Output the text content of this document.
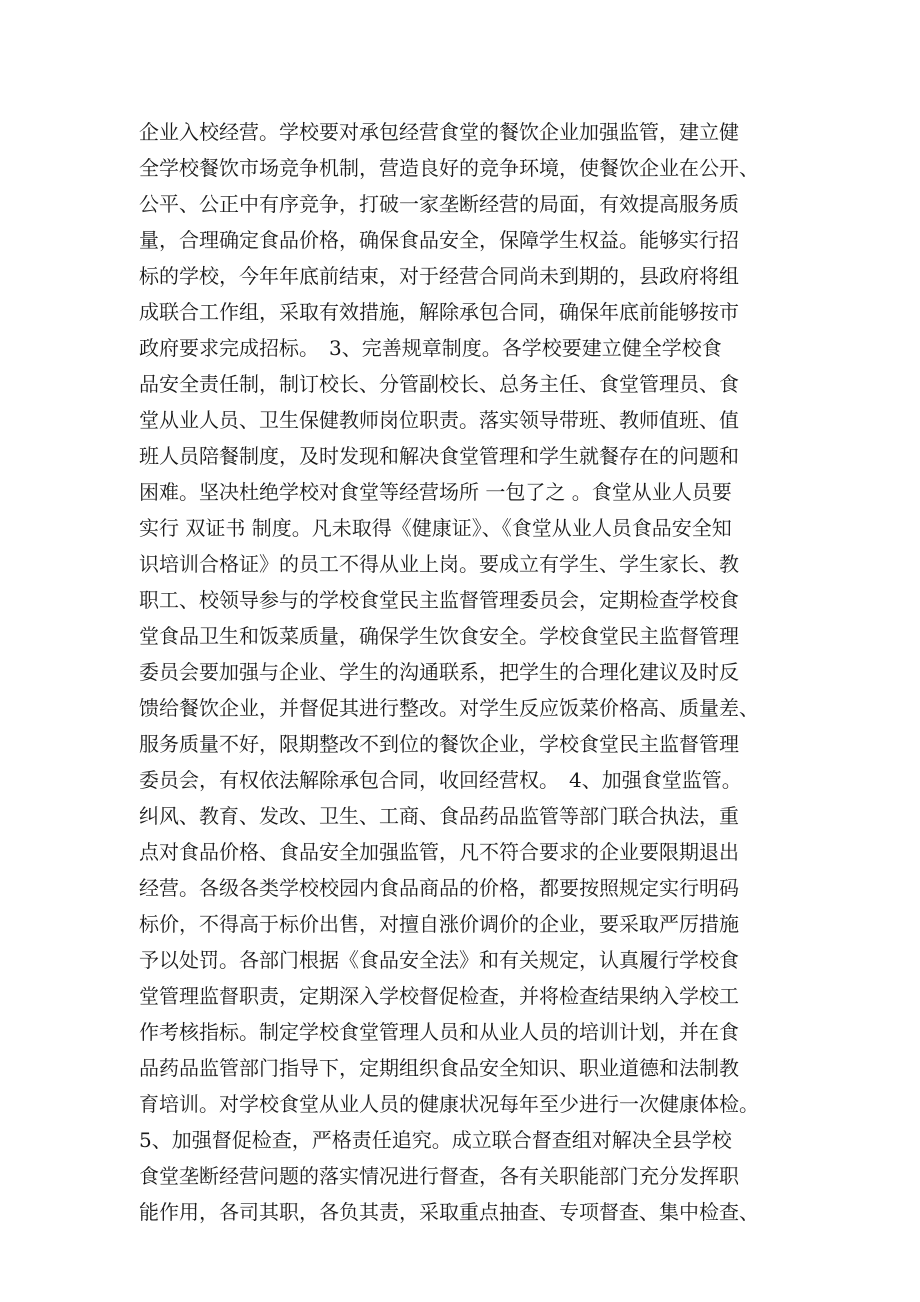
企业入校经营。学校要对承包经营食堂的餐饮企业加强监管，建立健
全学校餐饮市场竞争机制，营造良好的竞争环境，使餐饮企业在公开、
公平、公正中有序竞争，打破一家垄断经营的局面，有效提高服务质
量，合理确定食品价格，确保食品安全，保障学生权益。能够实行招
标的学校，今年年底前结束，对于经营合同尚未到期的，县政府将组
成联合工作组，采取有效措施，解除承包合同，确保年底前能够按市
政府要求完成招标。　3、完善规章制度。各学校要建立健全学校食
品安全责任制，制订校长、分管副校长、总务主任、食堂管理员、食
堂从业人员、卫生保健教师岗位职责。落实领导带班、教师值班、值
班人员陪餐制度，及时发现和解决食堂管理和学生就餐存在的问题和
困难。坚决杜绝学校对食堂等经营场所 一包了之 。食堂从业人员要
实行 双证书 制度。凡未取得《健康证》、《食堂从业人员食品安全知
识培训合格证》的员工不得从业上岗。要成立有学生、学生家长、教
职工、校领导参与的学校食堂民主监督管理委员会，定期检查学校食
堂食品卫生和饭菜质量，确保学生饮食安全。学校食堂民主监督管理
委员会要加强与企业、学生的沟通联系，把学生的合理化建议及时反
馈给餐饮企业，并督促其进行整改。对学生反应饭菜价格高、质量差、
服务质量不好，限期整改不到位的餐饮企业，学校食堂民主监督管理
委员会，有权依法解除承包合同，收回经营权。　4、加强食堂监管。
纠风、教育、发改、卫生、工商、食品药品监管等部门联合执法，重
点对食品价格、食品安全加强监管，凡不符合要求的企业要限期退出
经营。各级各类学校校园内食品商品的价格，都要按照规定实行明码
标价，不得高于标价出售，对擅自涨价调价的企业，要采取严厉措施
予以处罚。各部门根据《食品安全法》和有关规定，认真履行学校食
堂管理监督职责，定期深入学校督促检查，并将检查结果纳入学校工
作考核指标。制定学校食堂管理人员和从业人员的培训计划，并在食
品药品监管部门指导下，定期组织食品安全知识、职业道德和法制教
育培训。对学校食堂从业人员的健康状况每年至少进行一次健康体检。
5、加强督促检查，严格责任追究。成立联合督查组对解决全县学校
食堂垄断经营问题的落实情况进行督查，各有关职能部门充分发挥职
能作用，各司其职，各负其责，采取重点抽查、专项督查、集中检查、
